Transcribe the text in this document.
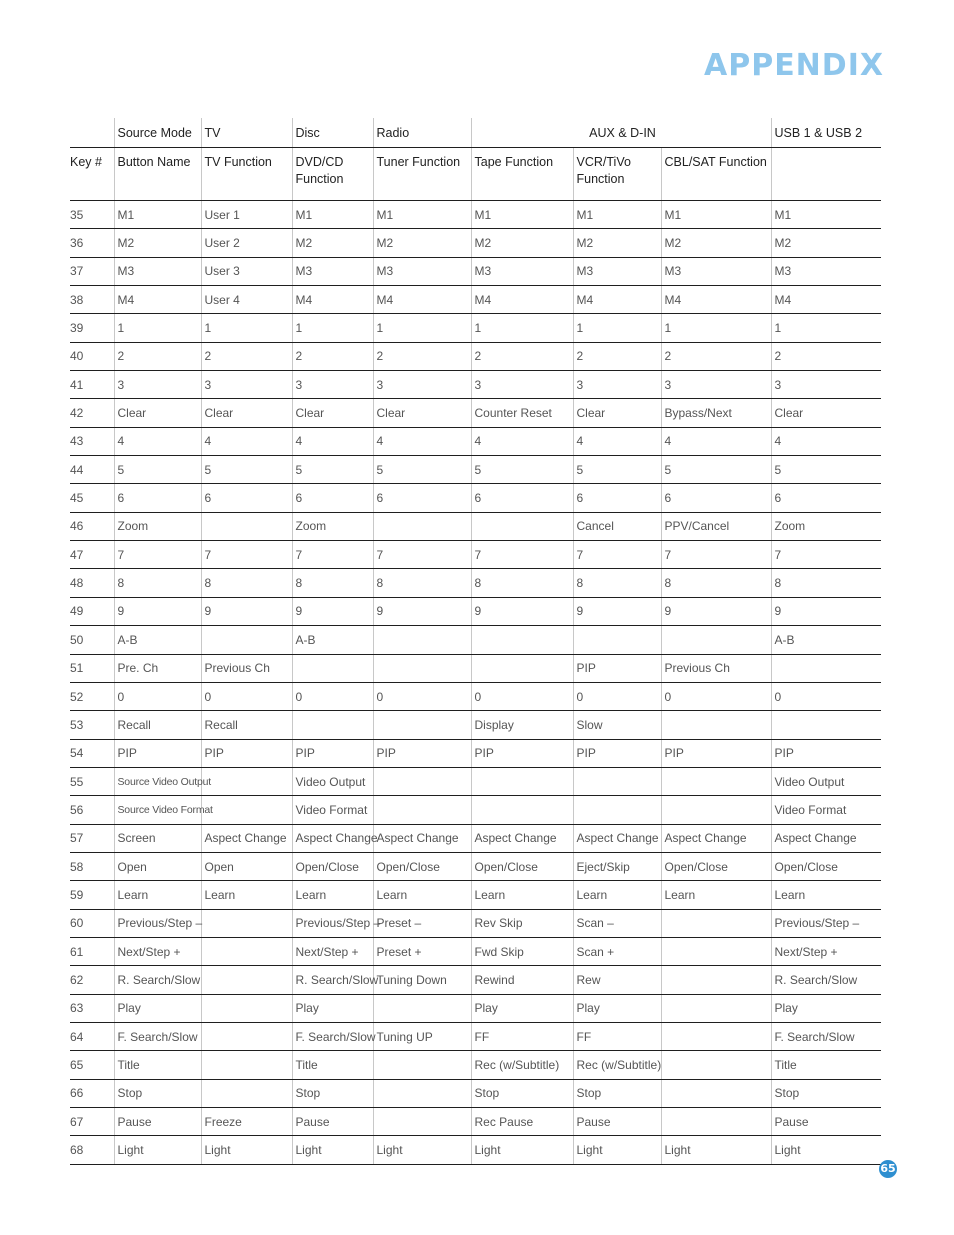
APPENDIX
	Source Mode	TV	Disc	Radio	AUX & D-IN			USB 1 & USB 2
Key #	Button Name	TV Function	DVD/CD Function	Tuner Function	Tape Function	VCR/TiVo Function	CBL/SAT Function	
35	M1	User 1	M1	M1	M1	M1	M1	M1
36	M2	User 2	M2	M2	M2	M2	M2	M2
37	M3	User 3	M3	M3	M3	M3	M3	M3
38	M4	User 4	M4	M4	M4	M4	M4	M4
39	1	1	1	1	1	1	1	1
40	2	2	2	2	2	2	2	2
41	3	3	3	3	3	3	3	3
42	Clear	Clear	Clear	Clear	Counter Reset	Clear	Bypass/Next	Clear
43	4	4	4	4	4	4	4	4
44	5	5	5	5	5	5	5	5
45	6	6	6	6	6	6	6	6
46	Zoom		Zoom			Cancel	PPV/Cancel	Zoom
47	7	7	7	7	7	7	7	7
48	8	8	8	8	8	8	8	8
49	9	9	9	9	9	9	9	9
50	A-B		A-B					A-B
51	Pre. Ch	Previous Ch				PIP	Previous Ch	
52	0	0	0	0	0	0	0	0
53	Recall	Recall			Display	Slow		
54	PIP	PIP	PIP	PIP	PIP	PIP	PIP	PIP
55	Source Video Output		Video Output					Video Output
56	Source Video Format		Video Format					Video Format
57	Screen	Aspect Change	Aspect Change	Aspect Change	Aspect Change	Aspect Change	Aspect Change	Aspect Change
58	Open	Open	Open/Close	Open/Close	Open/Close	Eject/Skip	Open/Close	Open/Close
59	Learn	Learn	Learn	Learn	Learn	Learn	Learn	Learn
60	Previous/Step –		Previous/Step –	Preset –	Rev Skip	Scan –		Previous/Step –
61	Next/Step +		Next/Step +	Preset +	Fwd Skip	Scan +		Next/Step +
62	R. Search/Slow		R. Search/Slow	Tuning Down	Rewind	Rew		R. Search/Slow
63	Play		Play		Play	Play		Play
64	F. Search/Slow		F. Search/Slow	Tuning UP	FF	FF		F. Search/Slow
65	Title		Title		Rec (w/Subtitle)	Rec (w/Subtitle)		Title
66	Stop		Stop		Stop	Stop		Stop
67	Pause	Freeze	Pause		Rec Pause	Pause		Pause
68	Light	Light	Light	Light	Light	Light	Light	Light
65
